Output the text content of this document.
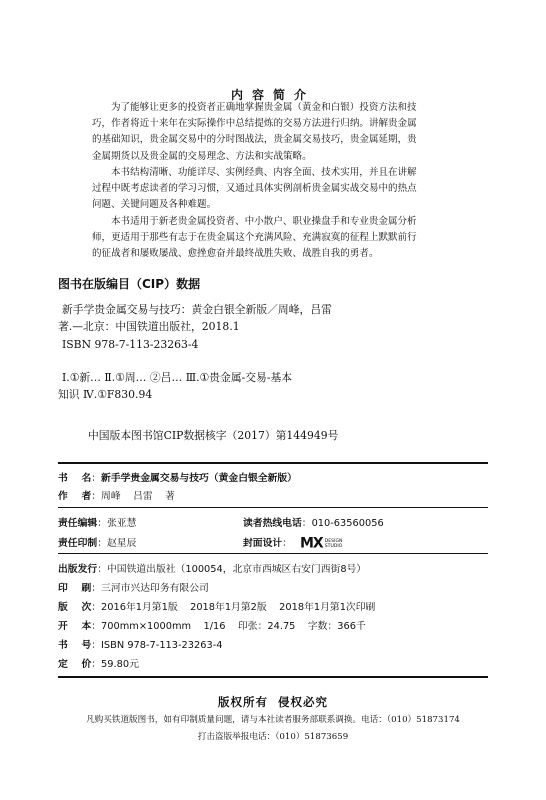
内容简介
为了能够让更多的投资者正确地掌握贵金属（黄金和白银）投资方法和技
巧，作者将近十来年在实际操作中总结提炼的交易方法进行归纳。讲解贵金属
的基础知识，贵金属交易中的分时图战法，贵金属交易技巧，贵金属延期，贵
金属期货以及贵金属的交易理念、方法和实战策略。
本书结构清晰、功能详尽、实例经典、内容全面、技术实用，并且在讲解
过程中既考虑读者的学习习惯，又通过具体实例剖析贵金属实战交易中的热点
问题、关键问题及各种难题。
本书适用于新老贵金属投资者、中小散户、职业操盘手和专业贵金属分析
师，更适用于那些有志于在贵金属这个充满风险、充满寂寞的征程上默默前行
的征战者和屡败屡战、愈挫愈奋并最终战胜失败、战胜自我的勇者。
图书在版编目（CIP）数据
新手学贵金属交易与技巧：黄金白银全新版／周峰，吕雷
著.—北京：中国铁道出版社，2018.1
ISBN 978-7-113-23263-4
Ⅰ.①新… Ⅱ.①周… ②吕… Ⅲ.①贵金属-交易-基本
知识 Ⅳ.①F830.94
中国版本图书馆CIP数据核字（2017）第144949号
书    名：新手学贵金属交易与技巧（黄金白银全新版）
作    者：周峰    吕雷    著
责任编辑：张亚慧	读者热线电话：010-63560056
责任印制：赵星辰	封面设计： MX DESIGN
STUDIO
出版发行：中国铁道出版社（100054，北京市西城区右安门西街8号）
印    刷：三河市兴达印务有限公司
版    次：2016年1月第1版    2018年1月第2版    2018年1月第1次印刷
开    本：700mm×1000mm    1/16    印张：24.75    字数：366千
书    号：ISBN 978-7-113-23263-4
定    价：59.80元
版权所有  侵权必究
凡购买铁道版图书，如有印制质量问题，请与本社读者服务部联系调换。电话：（010）51873174
打击盗版举报电话：（010）51873659
